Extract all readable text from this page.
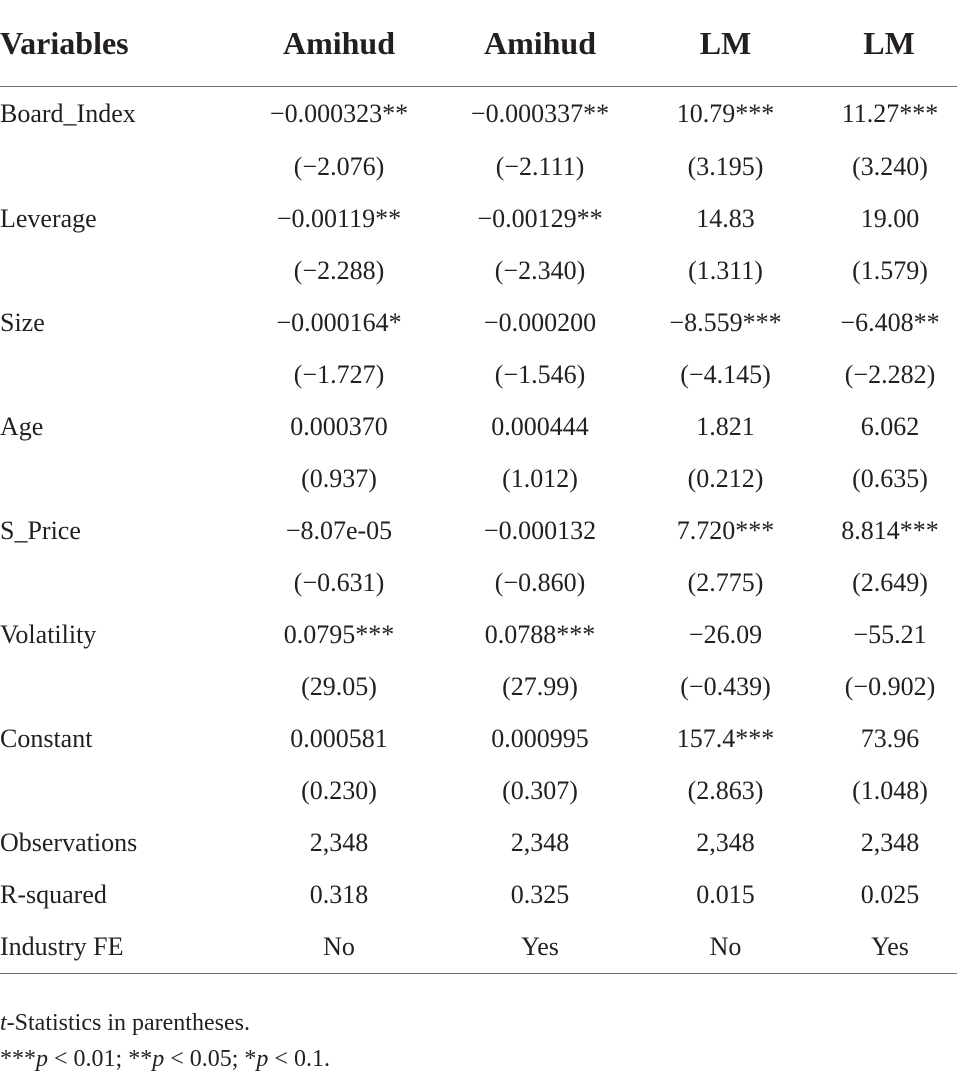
Variables	Amihud	Amihud	LM	LM
Board_Index	−0.000323**	−0.000337**	10.79***	11.27***
	(−2.076)	(−2.111)	(3.195)	(3.240)
Leverage	−0.00119**	−0.00129**	14.83	19.00
	(−2.288)	(−2.340)	(1.311)	(1.579)
Size	−0.000164*	−0.000200	−8.559***	−6.408**
	(−1.727)	(−1.546)	(−4.145)	(−2.282)
Age	0.000370	0.000444	1.821	6.062
	(0.937)	(1.012)	(0.212)	(0.635)
S_Price	−8.07e-05	−0.000132	7.720***	8.814***
	(−0.631)	(−0.860)	(2.775)	(2.649)
Volatility	0.0795***	0.0788***	−26.09	−55.21
	(29.05)	(27.99)	(−0.439)	(−0.902)
Constant	0.000581	0.000995	157.4***	73.96
	(0.230)	(0.307)	(2.863)	(1.048)
Observations	2,348	2,348	2,348	2,348
R-squared	0.318	0.325	0.015	0.025
Industry FE	No	Yes	No	Yes
t-Statistics in parentheses.
***p < 0.01; **p < 0.05; *p < 0.1.
